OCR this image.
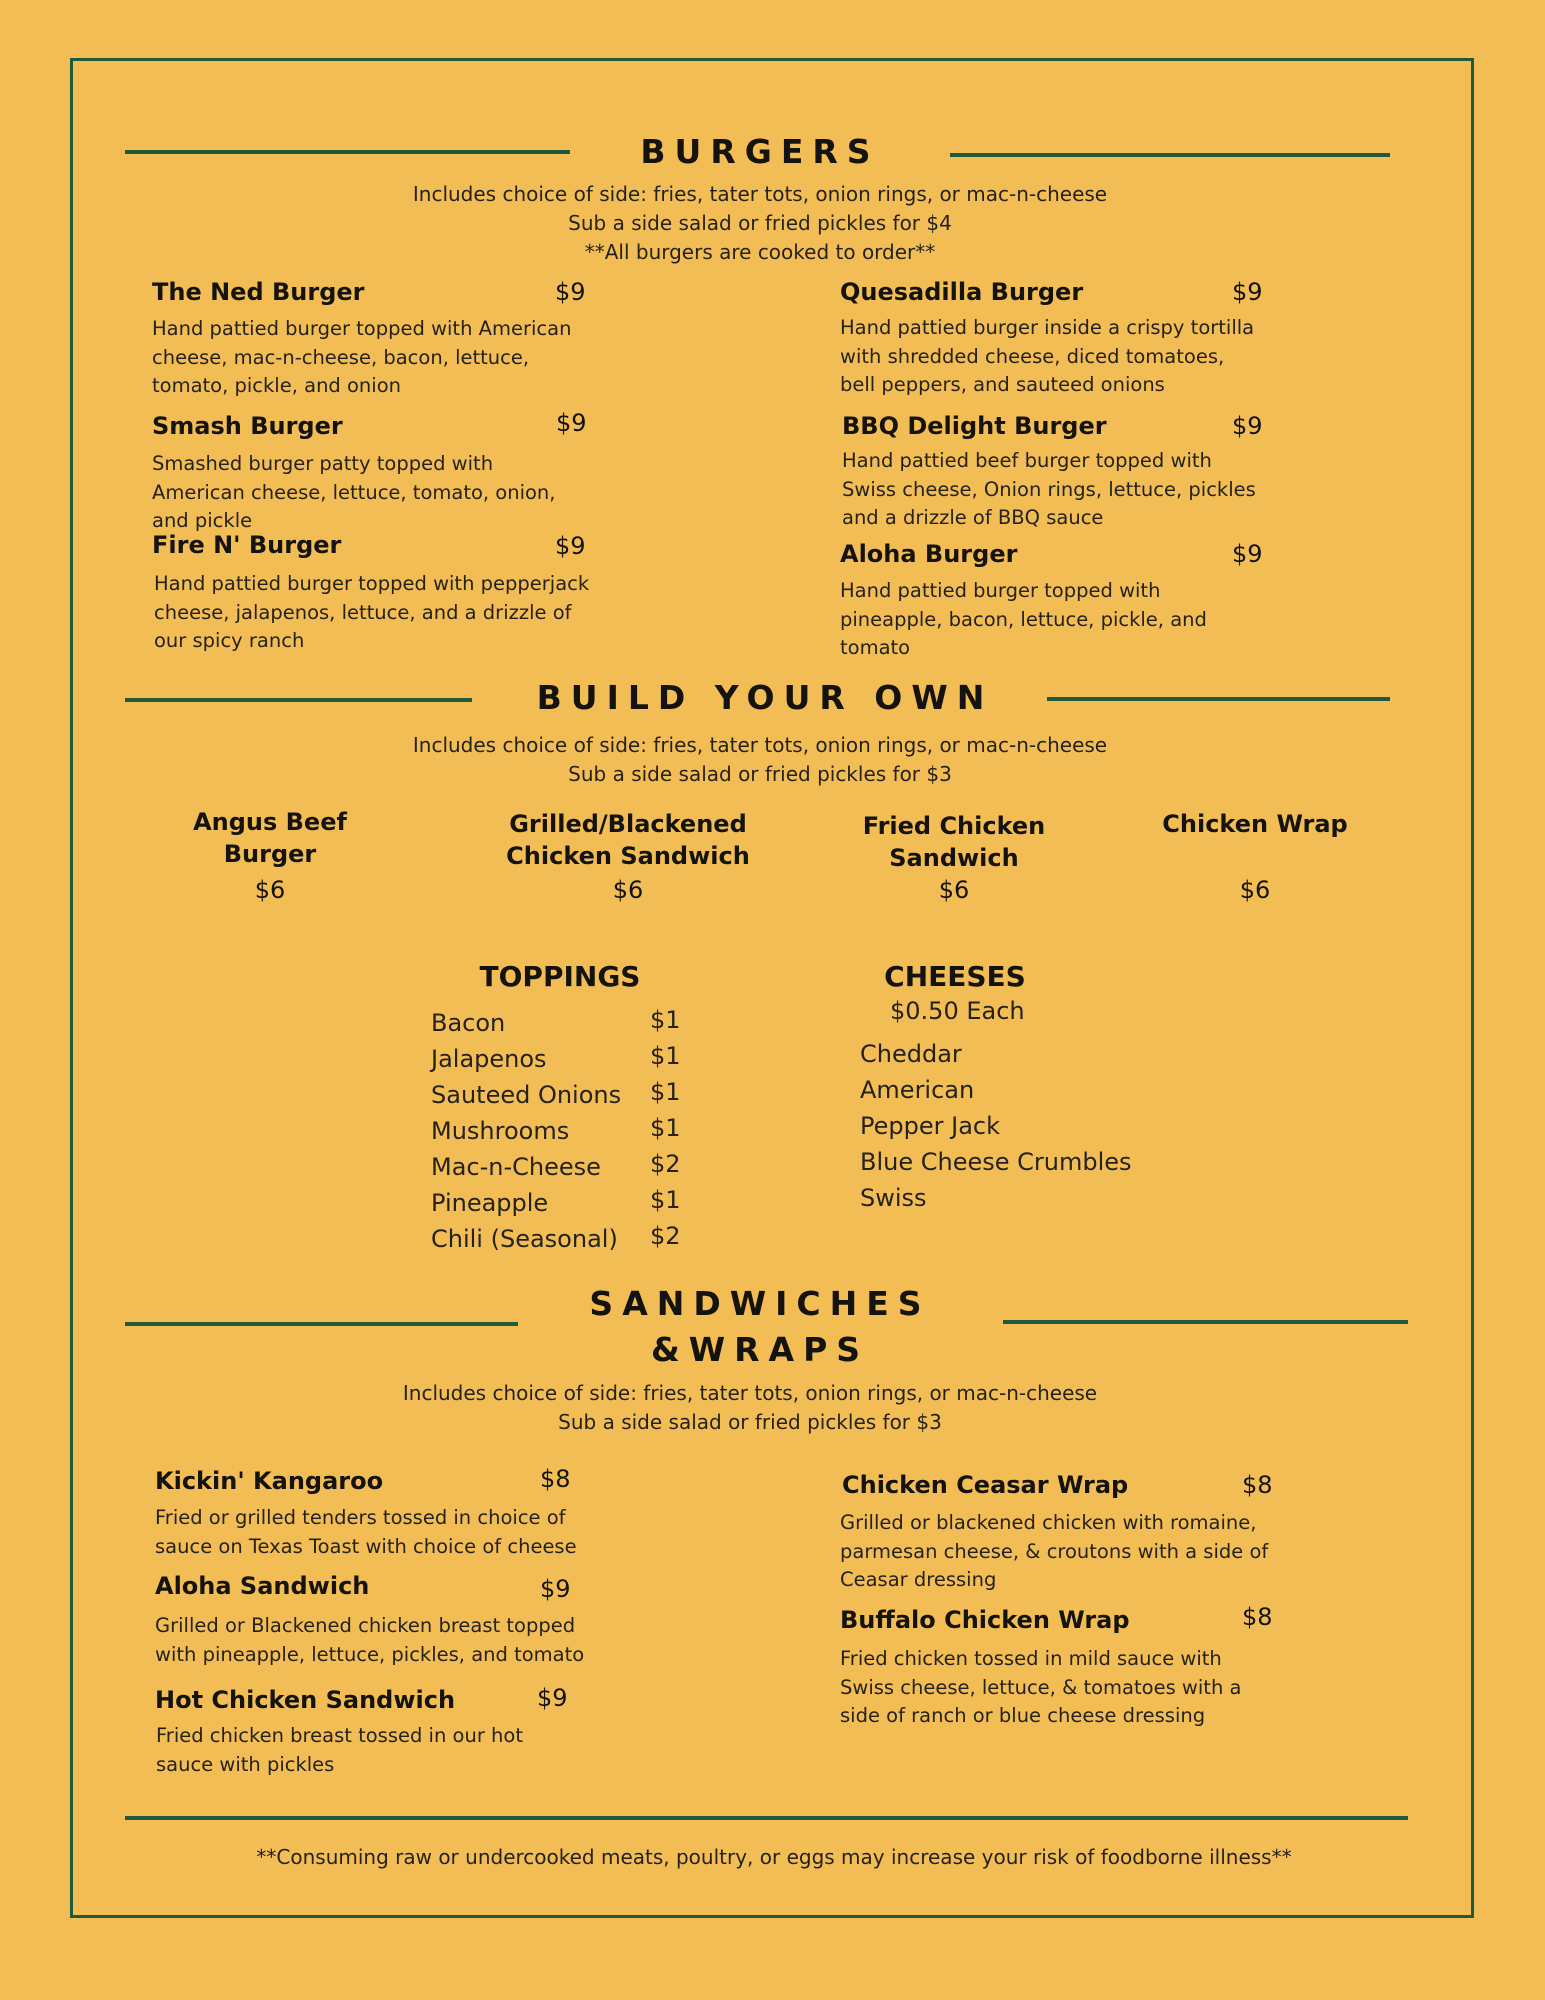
BURGERS
Includes choice of side: fries, tater tots, onion rings, or mac-n-cheese
Sub a side salad or fried pickles for $4
**All burgers are cooked to order**
The Ned Burger	$9
Hand pattied burger topped with American cheese, mac-n-cheese, bacon, lettuce, tomato, pickle, and onion
Smash Burger	$9
Smashed burger patty topped with American cheese, lettuce, tomato, onion, and pickle
Fire N' Burger	$9
Hand pattied burger topped with pepperjack cheese, jalapenos, lettuce, and a drizzle of our spicy ranch
Quesadilla Burger	$9
Hand pattied burger inside a crispy tortilla with shredded cheese, diced tomatoes, bell peppers, and sauteed onions
BBQ Delight Burger	$9
Hand pattied beef burger topped with Swiss cheese, Onion rings, lettuce, pickles and a drizzle of BBQ sauce
Aloha Burger	$9
Hand pattied burger topped with pineapple, bacon, lettuce, pickle, and tomato
BUILD YOUR OWN
Includes choice of side: fries, tater tots, onion rings, or mac-n-cheese
Sub a side salad or fried pickles for $3
Angus Beef
Burger
$6
Grilled/Blackened
Chicken Sandwich
$6
Fried Chicken
Sandwich
$6
Chicken Wrap
$6
TOPPINGS
Bacon	$1
Jalapenos	$1
Sauteed Onions $1
Mushrooms	$1
Mac-n-Cheese $2
Pineapple	$1
Chili (Seasonal) $2
CHEESES
$0.50 Each
Cheddar
American
Pepper Jack
Blue Cheese Crumbles
Swiss
SANDWICHES
&WRAPS
Includes choice of side: fries, tater tots, onion rings, or mac-n-cheese
Sub a side salad or fried pickles for $3
Kickin' Kangaroo	$8
Fried or grilled tenders tossed in choice of sauce on Texas Toast with choice of cheese
Aloha Sandwich	$9
Grilled or Blackened chicken breast topped with pineapple, lettuce, pickles, and tomato
Hot Chicken Sandwich	$9
Fried chicken breast tossed in our hot sauce with pickles
Chicken Ceasar Wrap	$8
Grilled or blackened chicken with romaine, parmesan cheese, & croutons with a side of Ceasar dressing
Buffalo Chicken Wrap	$8
Fried chicken tossed in mild sauce with Swiss cheese, lettuce, & tomatoes with a side of ranch or blue cheese dressing
**Consuming raw or undercooked meats, poultry, or eggs may increase your risk of foodborne illness**
